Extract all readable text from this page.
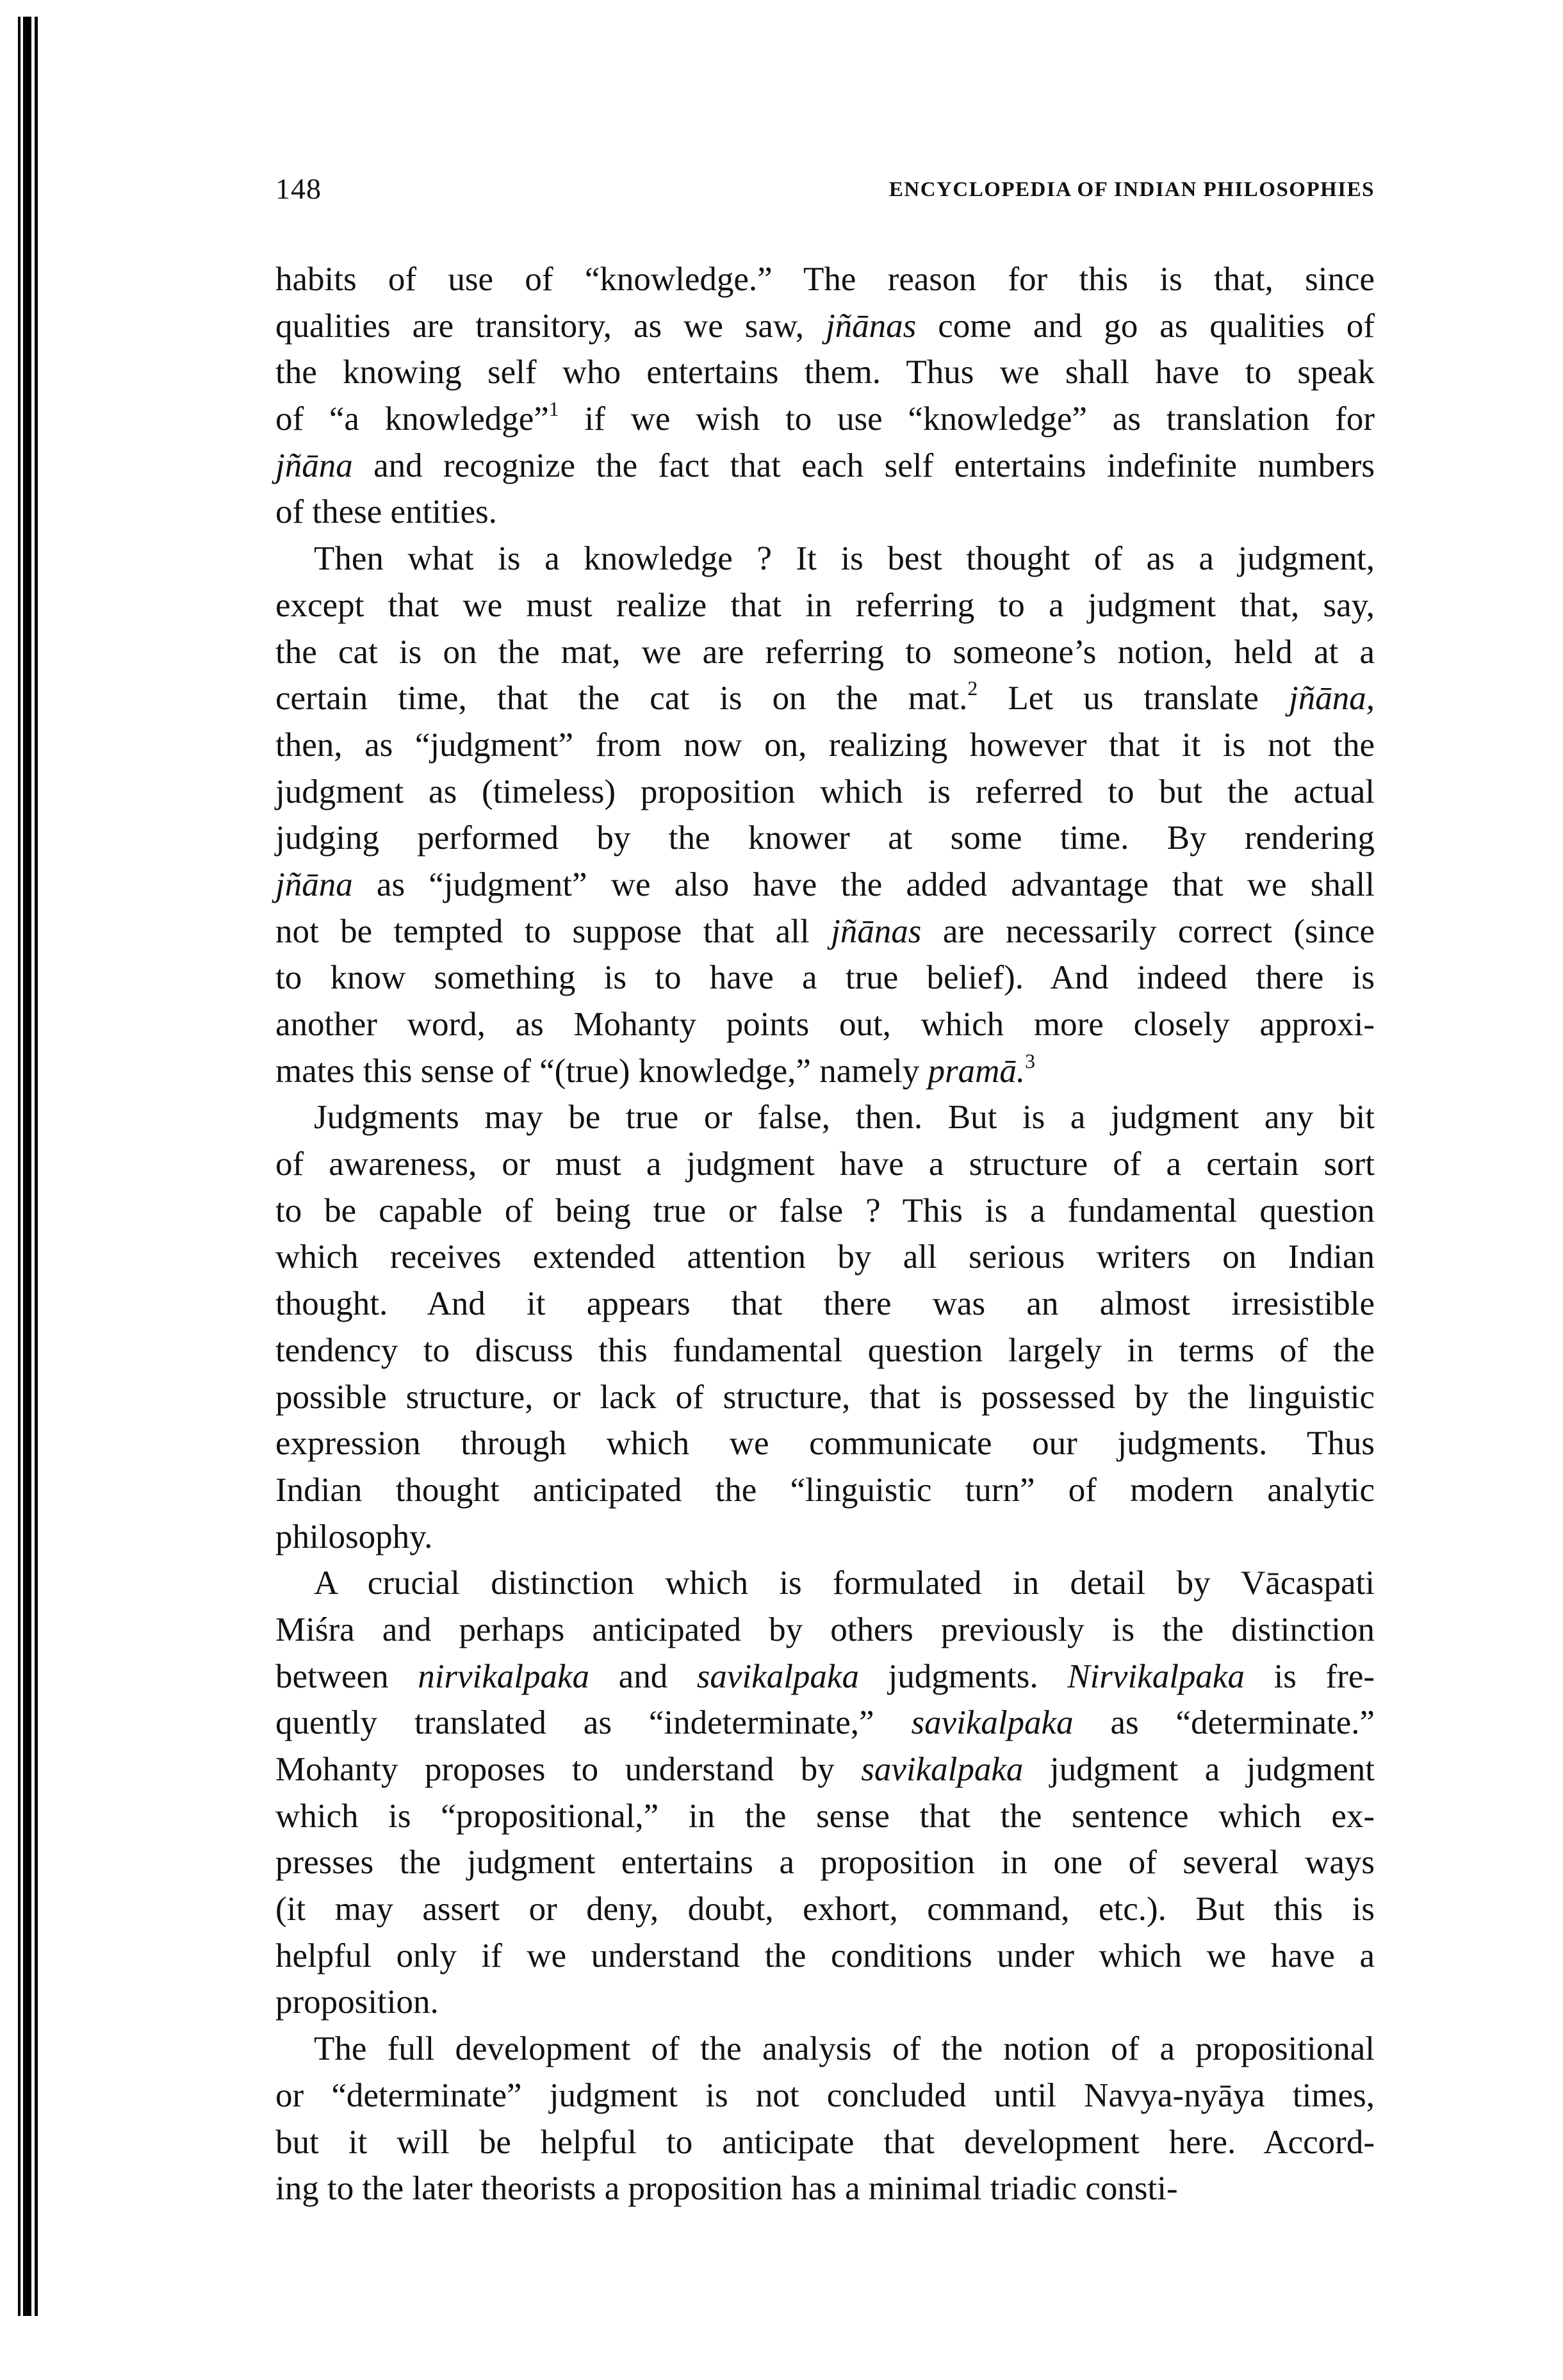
148	ENCYCLOPEDIA OF INDIAN PHILOSOPHIES
habits of use of “knowledge.” The reason for this is that, since
qualities are transitory, as we saw, jñānas come and go as qualities of
the knowing self who entertains them. Thus we shall have to speak
of “a knowledge”$^1$ if we wish to use “knowledge” as translation for
jñāna and recognize the fact that each self entertains indefinite numbers
of these entities.
Then what is a knowledge ? It is best thought of as a judgment,
except that we must realize that in referring to a judgment that, say,
the cat is on the mat, we are referring to someone’s notion, held at a
certain time, that the cat is on the mat.$^2$ Let us translate jñāna,
then, as “judgment” from now on, realizing however that it is not the
judgment as (timeless) proposition which is referred to but the actual
judging performed by the knower at some time. By rendering
jñāna as “judgment” we also have the added advantage that we shall
not be tempted to suppose that all jñānas are necessarily correct (since
to know something is to have a true belief). And indeed there is
another word, as Mohanty points out, which more closely approxi-
mates this sense of “(true) knowledge,” namely pramā.$^3$
Judgments may be true or false, then. But is a judgment any bit
of awareness, or must a judgment have a structure of a certain sort
to be capable of being true or false ? This is a fundamental question
which receives extended attention by all serious writers on Indian
thought. And it appears that there was an almost irresistible
tendency to discuss this fundamental question largely in terms of the
possible structure, or lack of structure, that is possessed by the linguistic
expression through which we communicate our judgments. Thus
Indian thought anticipated the “linguistic turn” of modern analytic
philosophy.
A crucial distinction which is formulated in detail by Vācaspati
Miśra and perhaps anticipated by others previously is the distinction
between nirvikalpaka and savikalpaka judgments. Nirvikalpaka is fre-
quently translated as “indeterminate,” savikalpaka as “determinate.”
Mohanty proposes to understand by savikalpaka judgment a judgment
which is “propositional,” in the sense that the sentence which ex-
presses the judgment entertains a proposition in one of several ways
(it may assert or deny, doubt, exhort, command, etc.). But this is
helpful only if we understand the conditions under which we have a
proposition.
The full development of the analysis of the notion of a propositional
or “determinate” judgment is not concluded until Navya-nyāya times,
but it will be helpful to anticipate that development here. Accord-
ing to the later theorists a proposition has a minimal triadic consti-
